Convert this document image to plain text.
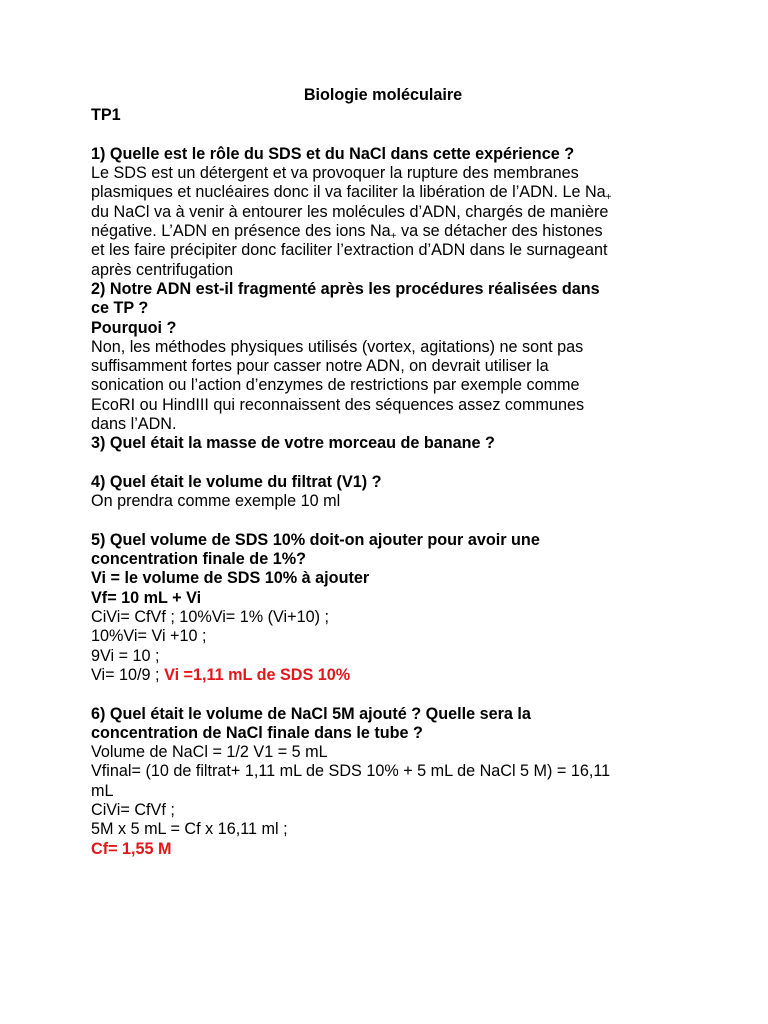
Biologie moléculaire
TP1
1) Quelle est le rôle du SDS et du NaCl dans cette expérience ?
Le SDS est un détergent et va provoquer la rupture des membranes
plasmiques et nucléaires donc il va faciliter la libération de l’ADN. Le $Na_+$
du NaCl va à venir à entourer les molécules d’ADN, chargés de manière
négative. L’ADN en présence des ions $Na_+$ va se détacher des histones
et les faire précipiter donc faciliter l’extraction d’ADN dans le surnageant
après centrifugation
2) Notre ADN est-il fragmenté après les procédures réalisées dans
ce TP ?
Pourquoi ?
Non, les méthodes physiques utilisés (vortex, agitations) ne sont pas
suffisamment fortes pour casser notre ADN, on devrait utiliser la
sonication ou l’action d’enzymes de restrictions par exemple comme
EcoRI ou HindIII qui reconnaissent des séquences assez communes
dans l’ADN.
3) Quel était la masse de votre morceau de banane ?
4) Quel était le volume du filtrat (V1) ?
On prendra comme exemple 10 ml
5) Quel volume de SDS 10% doit-on ajouter pour avoir une
concentration finale de 1%?
Vi = le volume de SDS 10% à ajouter
Vf= 10 mL + Vi
CiVi= CfVf ; 10%Vi= 1% (Vi+10) ;
10%Vi= Vi +10 ;
9Vi = 10 ;
Vi= 10/9 ; Vi =1,11 mL de SDS 10%
6) Quel était le volume de NaCl 5M ajouté ? Quelle sera la
concentration de NaCl finale dans le tube ?
Volume de NaCl = 1/2 V1 = 5 mL
Vfinal= (10 de filtrat+ 1,11 mL de SDS 10% + 5 mL de NaCl 5 M) = 16,11
mL
CiVi= CfVf ;
5M x 5 mL = Cf x 16,11 ml ;
Cf= 1,55 M
